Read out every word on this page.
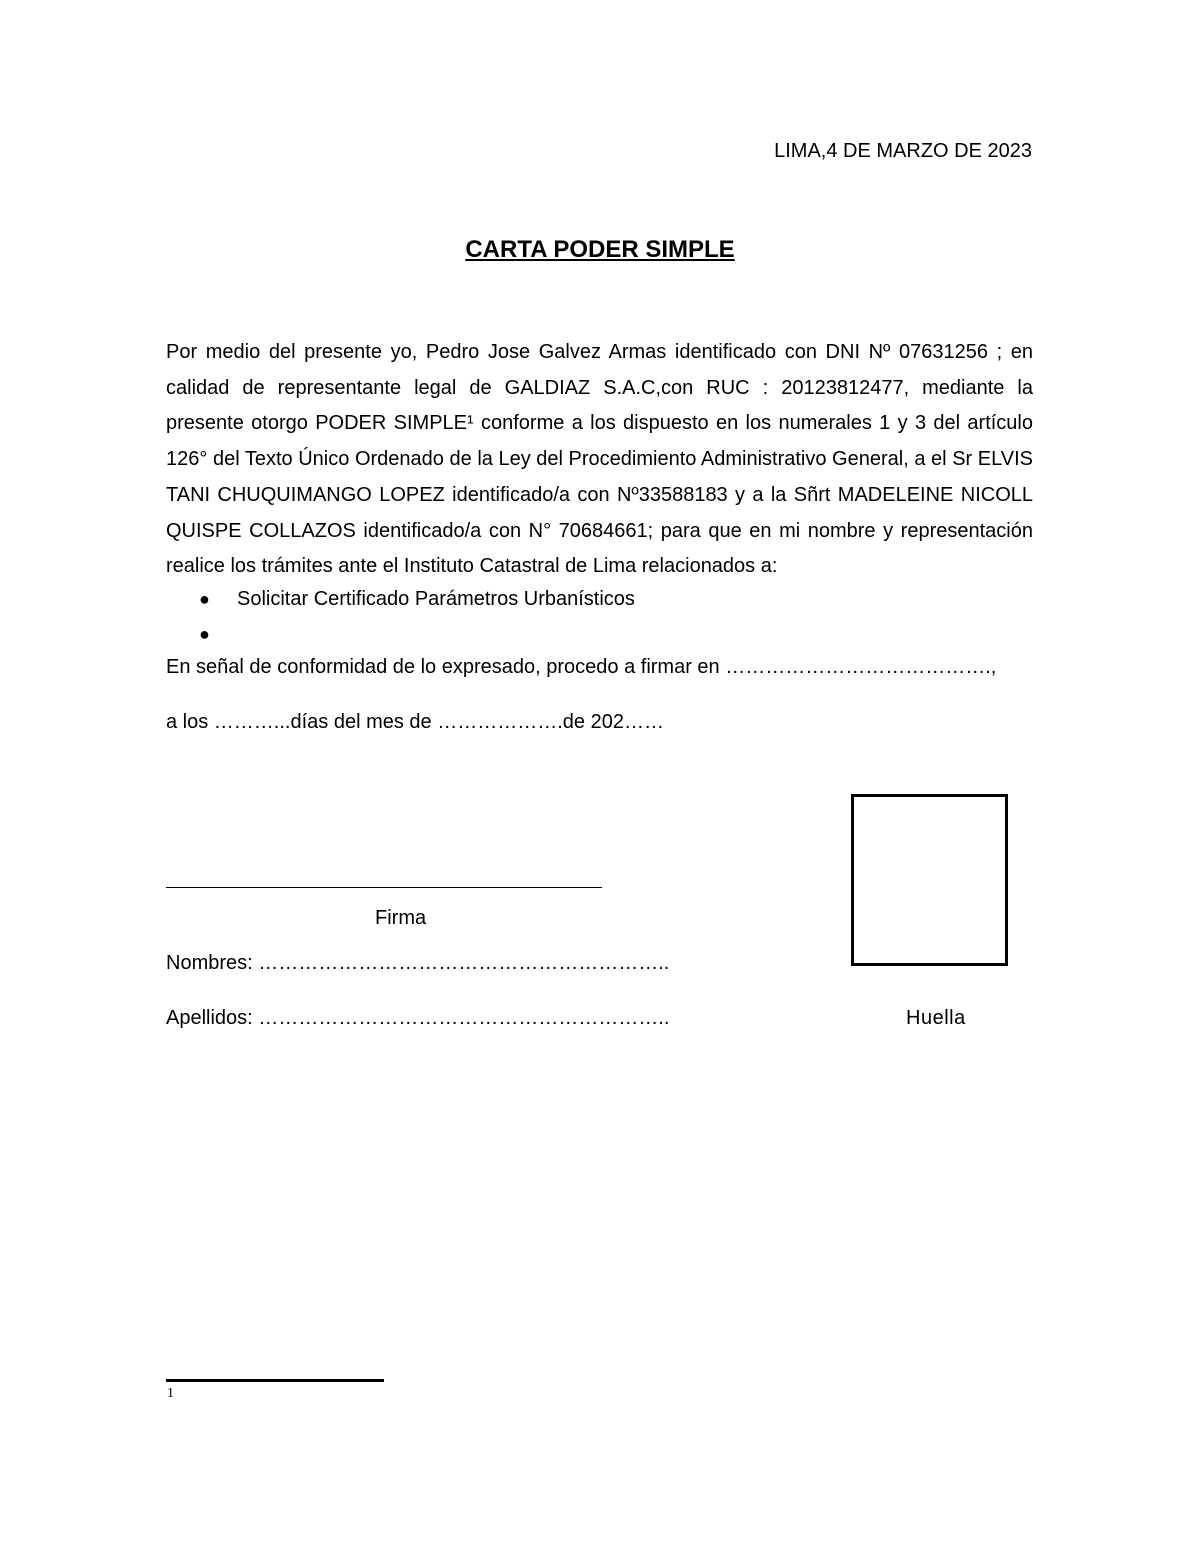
LIMA,4 DE MARZO DE 2023
CARTA PODER SIMPLE
Por medio del presente yo, Pedro Jose Galvez Armas identificado con DNI Nº 07631256 ; en calidad de representante legal de GALDIAZ S.A.C,con RUC : 20123812477, mediante la presente otorgo PODER SIMPLE¹ conforme a los dispuesto en los numerales 1 y 3 del artículo 126° del Texto Único Ordenado de la Ley del Procedimiento Administrativo General, a el Sr ELVIS TANI CHUQUIMANGO LOPEZ identificado/a con Nº33588183 y a la Sñrt MADELEINE NICOLL QUISPE COLLAZOS identificado/a con N° 70684661; para que en mi nombre y representación realice los trámites ante el Instituto Catastral de Lima relacionados a:
●	Solicitar Certificado Parámetros Urbanísticos
●
En señal de conformidad de lo expresado, procedo a firmar en ………………………………….,
a los ………...días del mes de ……………….de 202……
Firma
Nombres: ……………………………………………………..
Apellidos: ……………………………………………………..	Huella
1
